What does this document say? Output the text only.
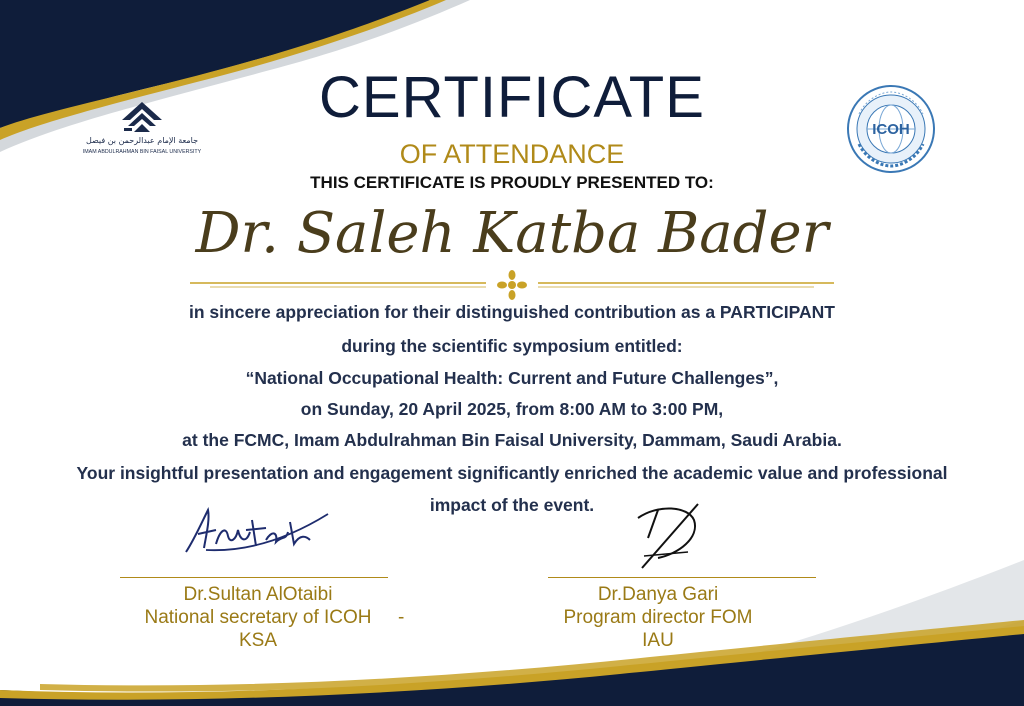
جامعة الإمام عبدالرحمن بن فيصل
IMAM ABDULRAHMAN BIN FAISAL UNIVERSITY
ICOH
CERTIFICATE
OF ATTENDANCE
THIS CERTIFICATE IS PROUDLY PRESENTED TO:
Dr. Saleh Katba Bader
in sincere appreciation for their distinguished contribution as a PARTICIPANT
during the scientific symposium entitled:
“National Occupational Health: Current and Future Challenges”,
on Sunday, 20 April 2025, from 8:00 AM to 3:00 PM,
at the FCMC, Imam Abdulrahman Bin Faisal University, Dammam, Saudi Arabia.
Your insightful presentation and engagement significantly enriched the academic value and professional
impact of the event.
Dr.Sultan AlOtaibi
National secretary of ICOH	-
KSA
Dr.Danya Gari
Program director FOM
IAU
